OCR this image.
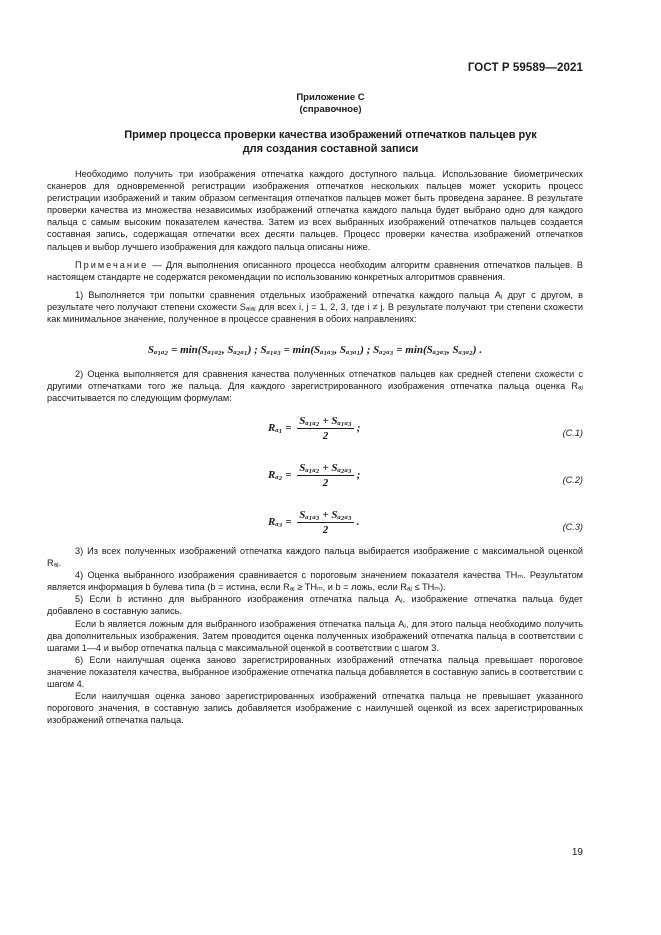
ГОСТ Р 59589—2021
Приложение С
(справочное)
Пример процесса проверки качества изображений отпечатков пальцев рук
для создания составной записи

Необходимо получить три изображения отпечатка каждого доступного пальца. Использование биометрических сканеров для одновременной регистрации изображения отпечатков нескольких пальцев может ускорить процесс регистрации изображений и таким образом сегментация отпечатков пальцев может быть проведена заранее. В результате проверки качества из множества независимых изображений отпечатка каждого пальца будет выбрано одно для каждого пальца с самым высоким показателем качества. Затем из всех выбранных изображений отпечатков пальцев создается составная запись, содержащая отпечатки всех десяти пальцев. Процесс проверки качества изображений отпечатков пальцев и выбор лучшего изображения для каждого пальца описаны ниже.

Примечание — Для выполнения описанного процесса необходим алгоритм сравнения отпечатков пальцев. В настоящем стандарте не содержатся рекомендации по использованию конкретных алгоритмов сравнения.

1) Выполняется три попытки сравнения отдельных изображений отпечатка каждого пальца Aⱼ друг с другом, в результате чего получают степени схожести Sₐᵢₐⱼ для всех i, j = 1, 2, 3, где i ≠ j. В результате получают три степени схожести как минимальное значение, полученное в процессе сравнения в обоих направлениях:

Sₐ₁ₐ₂ = min(Sₐ₁ₐ₂, Sₐ₂ₐ₁) ; Sₐ₁ₐ₃ = min(Sₐ₁ₐ₃, Sₐ₃ₐ₁) ; Sₐ₂ₐ₃ = min(Sₐ₂ₐ₃, Sₐ₃ₐ₂) .

2) Оценка выполняется для сравнения качества полученных отпечатков пальцев как средней степени схожести с другими отпечатками того же пальца. Для каждого зарегистрированного изображения отпечатка пальца оценка Rₐⱼ рассчитывается по следующим формулам:

$R_{a1} = \frac{\text{Sₐ₁ₐ₂ + Sₐ₁ₐ₃}}{2}$ ;	(С.1)
$R_{a2} = \frac{\text{Sₐ₁ₐ₂ + Sₐ₂ₐ₃}}{2}$ ;	(С.2)
$R_{a3} = \frac{\text{Sₐ₁ₐ₃ + Sₐ₂ₐ₃}}{2}$ .	(С.3)

3) Из всех полученных изображений отпечатка каждого пальца выбирается изображение с максимальной оценкой Rₐⱼ.

4) Оценка выбранного изображения сравнивается с пороговым значением показателя качества THₘ. Результатом является информация b булева типа (b = истина, если Rₐⱼ ≥ THₘ, и b = ложь, если Rₐⱼ ≤ THₘ).

5) Если b истинно для выбранного изображения отпечатка пальца Aⱼ, изображение отпечатка пальца будет добавлено в составную запись.

Если b является ложным для выбранного изображения отпечатка пальца Aⱼ, для этого пальца необходимо получить два дополнительных изображения. Затем проводится оценка полученных изображений отпечатка пальца в соответствии с шагами 1—4 и выбор отпечатка пальца с максимальной оценкой в соответствии с шагом 3.

6) Если наилучшая оценка заново зарегистрированных изображений отпечатка пальца превышает пороговое значение показателя качества, выбранное изображение отпечатка пальца добавляется в составную запись в соответствии с шагом 4.

Если наилучшая оценка заново зарегистрированных изображений отпечатка пальца не превышает указанного порогового значения, в составную запись добавляется изображение с наилучшей оценкой из всех зарегистрированных изображений отпечатка пальца.

19
